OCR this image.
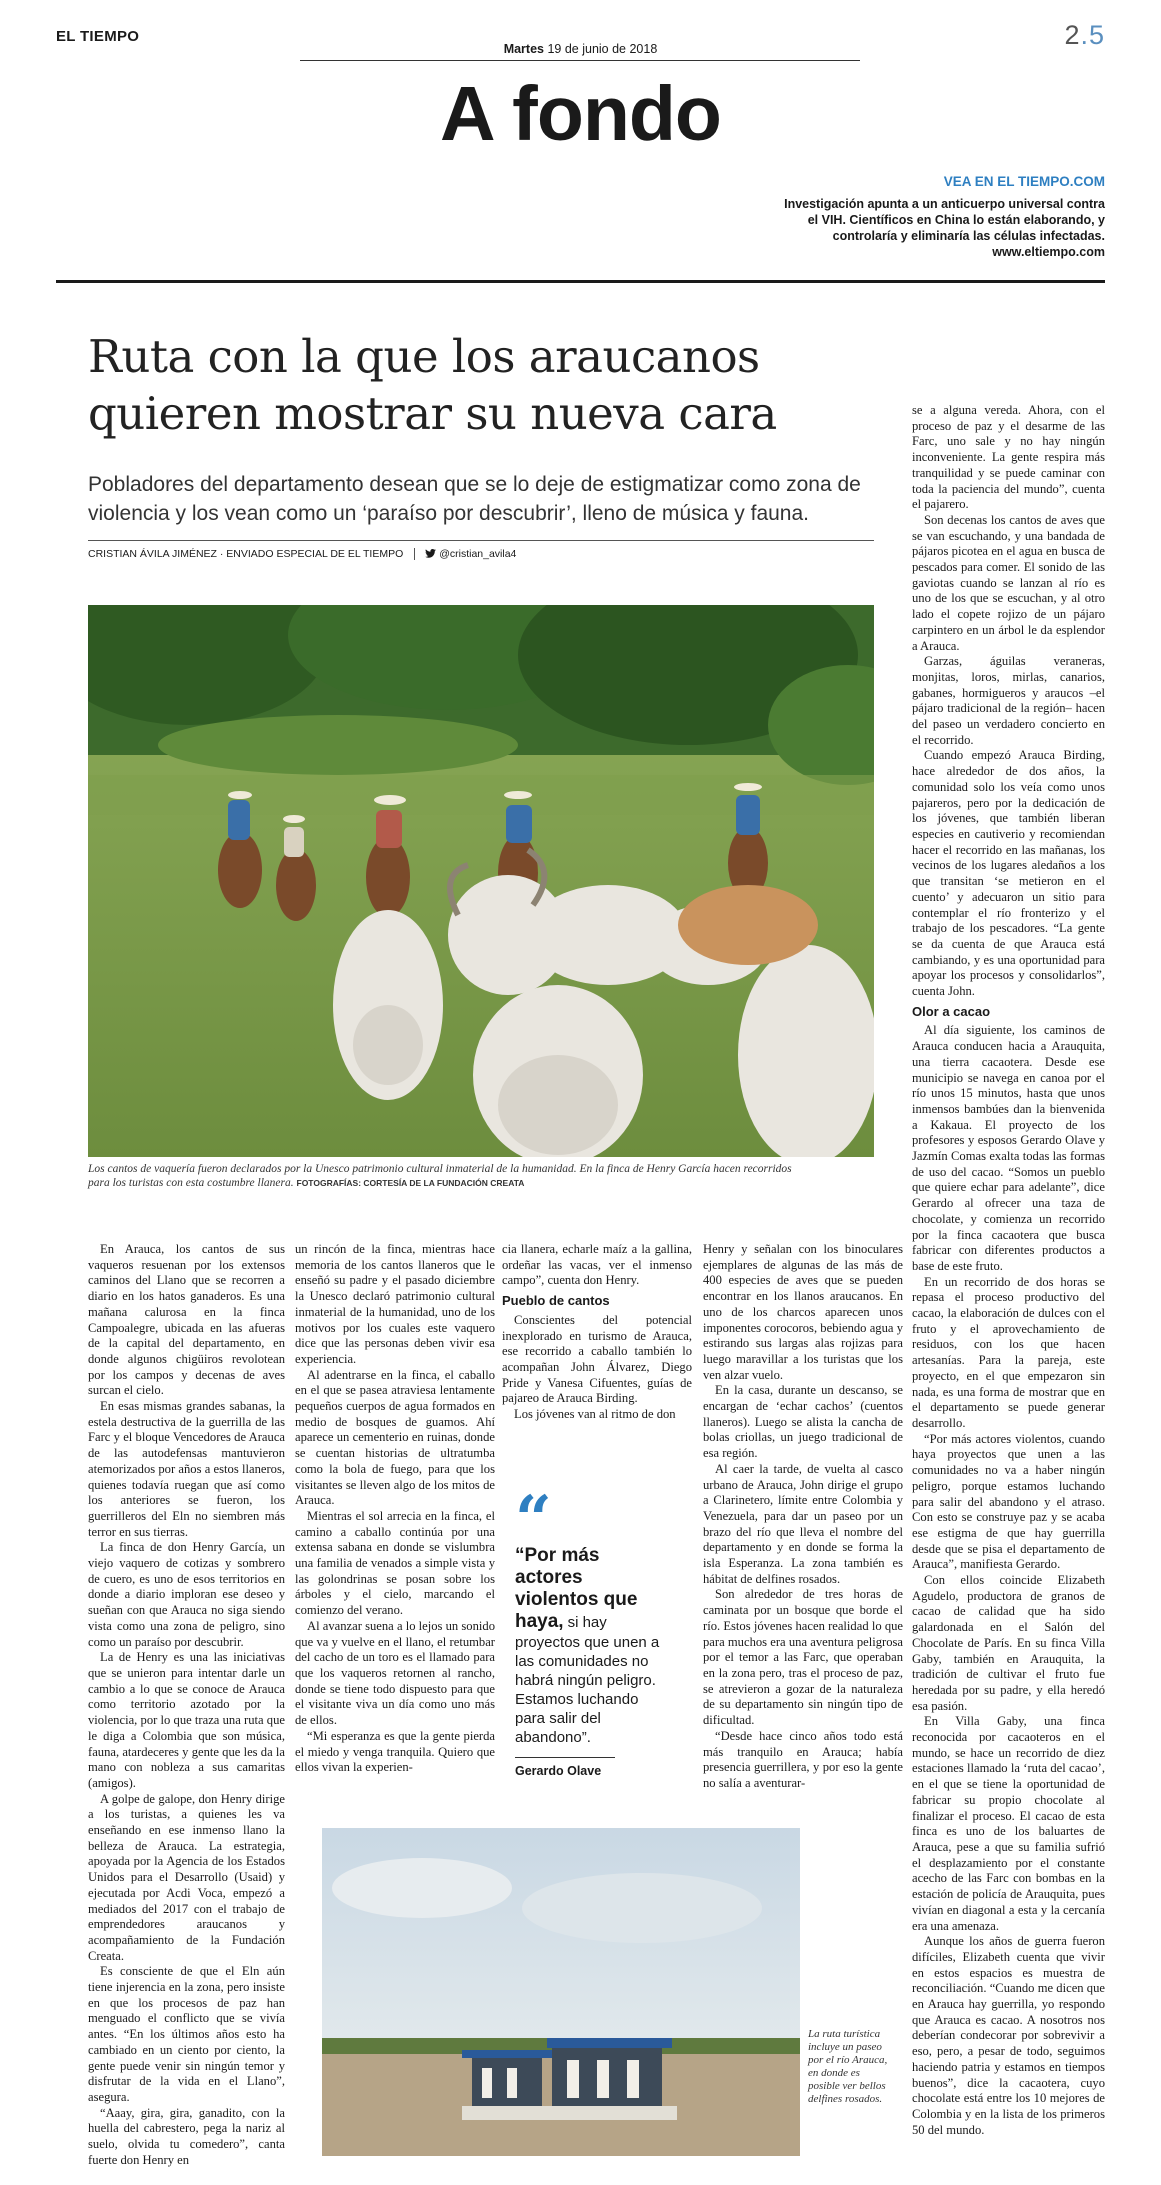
EL TIEMPO
Martes 19 de junio de 2018	2.5
A fondo
VEA EN EL TIEMPO.COM
Investigación apunta a un anticuerpo universal contra el VIH. Científicos en China lo están elaborando, y controlaría y eliminaría las células infectadas. www.eltiempo.com
Ruta con la que los araucanos quieren mostrar su nueva cara
Pobladores del departamento desean que se lo deje de estigmatizar como zona de violencia y los vean como un ‘paraíso por descubrir’, lleno de música y fauna.
CRISTIAN ÁVILA JIMÉNEZ · ENVIADO ESPECIAL DE EL TIEMPO	@cristian_avila4
Los cantos de vaquería fueron declarados por la Unesco patrimonio cultural inmaterial de la humanidad. En la finca de Henry García hacen recorridos para los turistas con esta costumbre llanera. FOTOGRAFÍAS: CORTESÍA DE LA FUNDACIÓN CREATA

En Arauca, los cantos de sus vaqueros resuenan por los extensos caminos del Llano que se recorren a diario en los hatos ganaderos. Es una mañana calurosa en la finca Campoalegre, ubicada en las afueras de la capital del departamento, en donde algunos chigüiros revolotean por los campos y decenas de aves surcan el cielo.

En esas mismas grandes sabanas, la estela destructiva de la guerrilla de las Farc y el bloque Vencedores de Arauca de las autodefensas mantuvieron atemorizados por años a estos llaneros, quienes todavía ruegan que así como los anteriores se fueron, los guerrilleros del Eln no siembren más terror en sus tierras.

La finca de don Henry García, un viejo vaquero de cotizas y sombrero de cuero, es uno de esos territorios en donde a diario imploran ese deseo y sueñan con que Arauca no siga siendo vista como una zona de peligro, sino como un paraíso por descubrir.

La de Henry es una las iniciativas que se unieron para intentar darle un cambio a lo que se conoce de Arauca como territorio azotado por la violencia, por lo que traza una ruta que le diga a Colombia que son música, fauna, atardeceres y gente que les da la mano con nobleza a sus camaritas (amigos).

A golpe de galope, don Henry dirige a los turistas, a quienes les va enseñando en ese inmenso llano la belleza de Arauca. La estrategia, apoyada por la Agencia de los Estados Unidos para el Desarrollo (Usaid) y ejecutada por Acdi Voca, empezó a mediados del 2017 con el trabajo de emprendedores araucanos y acompañamiento de la Fundación Creata.

Es consciente de que el Eln aún tiene injerencia en la zona, pero insiste en que los procesos de paz han menguado el conflicto que se vivía antes. “En los últimos años esto ha cambiado en un ciento por ciento, la gente puede venir sin ningún temor y disfrutar de la vida en el Llano”, asegura.

“Aaay, gira, gira, ganadito, con la huella del cabrestero, pega la nariz al suelo, olvida tu comedero”, canta fuerte don Henry en

un rincón de la finca, mientras hace memoria de los cantos llaneros que le enseñó su padre y el pasado diciembre la Unesco declaró patrimonio cultural inmaterial de la humanidad, uno de los motivos por los cuales este vaquero dice que las personas deben vivir esa experiencia.

Al adentrarse en la finca, el caballo en el que se pasea atraviesa lentamente pequeños cuerpos de agua formados en medio de bosques de guamos. Ahí aparece un cementerio en ruinas, donde se cuentan historias de ultratumba como la bola de fuego, para que los visitantes se lleven algo de los mitos de Arauca.

Mientras el sol arrecia en la finca, el camino a caballo continúa por una extensa sabana en donde se vislumbra una familia de venados a simple vista y las golondrinas se posan sobre los árboles y el cielo, marcando el comienzo del verano.

Al avanzar suena a lo lejos un sonido que va y vuelve en el llano, el retumbar del cacho de un toro es el llamado para que los vaqueros retornen al rancho, donde se tiene todo dispuesto para que el visitante viva un día como uno más de ellos.

“Mi esperanza es que la gente pierda el miedo y venga tranquila. Quiero que ellos vivan la experien-

cia llanera, echarle maíz a la gallina, ordeñar las vacas, ver el inmenso campo”, cuenta don Henry.

Pueblo de cantos

Conscientes del potencial inexplorado en turismo de Arauca, ese recorrido a caballo también lo acompañan John Álvarez, Diego Pride y Vanesa Cifuentes, guías de pajareo de Arauca Birding.

Los jóvenes van al ritmo de don

“
“Por más actores violentos que haya, si hay proyectos que unen a las comunidades no habrá ningún peligro. Estamos luchando para salir del abandono”.
Gerardo Olave

Henry y señalan con los binoculares ejemplares de algunas de las más de 400 especies de aves que se pueden encontrar en los llanos araucanos. En uno de los charcos aparecen unos imponentes corocoros, bebiendo agua y estirando sus largas alas rojizas para luego maravillar a los turistas que los ven alzar vuelo.

En la casa, durante un descanso, se encargan de ‘echar cachos’ (cuentos llaneros). Luego se alista la cancha de bolas criollas, un juego tradicional de esa región.

Al caer la tarde, de vuelta al casco urbano de Arauca, John dirige el grupo a Clarinetero, límite entre Colombia y Venezuela, para dar un paseo por un brazo del río que lleva el nombre del departamento y en donde se forma la isla Esperanza. La zona también es hábitat de delfines rosados.

Son alrededor de tres horas de caminata por un bosque que borde el río. Estos jóvenes hacen realidad lo que para muchos era una aventura peligrosa por el temor a las Farc, que operaban en la zona pero, tras el proceso de paz, se atrevieron a gozar de la naturaleza de su departamento sin ningún tipo de dificultad.

“Desde hace cinco años todo está más tranquilo en Arauca; había presencia guerrillera, y por eso la gente no salía a aventurar-

La ruta turística incluye un paseo por el río Arauca, en donde es posible ver bellos delfines rosados.

se a alguna vereda. Ahora, con el proceso de paz y el desarme de las Farc, uno sale y no hay ningún inconveniente. La gente respira más tranquilidad y se puede caminar con toda la paciencia del mundo”, cuenta el pajarero.

Son decenas los cantos de aves que se van escuchando, y una bandada de pájaros picotea en el agua en busca de pescados para comer. El sonido de las gaviotas cuando se lanzan al río es uno de los que se escuchan, y al otro lado el copete rojizo de un pájaro carpintero en un árbol le da esplendor a Arauca.

Garzas, águilas veraneras, monjitas, loros, mirlas, canarios, gabanes, hormigueros y araucos –el pájaro tradicional de la región– hacen del paseo un verdadero concierto en el recorrido.

Cuando empezó Arauca Birding, hace alrededor de dos años, la comunidad solo los veía como unos pajareros, pero por la dedicación de los jóvenes, que también liberan especies en cautiverio y recomiendan hacer el recorrido en las mañanas, los vecinos de los lugares aledaños a los que transitan ‘se metieron en el cuento’ y adecuaron un sitio para contemplar el río fronterizo y el trabajo de los pescadores. “La gente se da cuenta de que Arauca está cambiando, y es una oportunidad para apoyar los procesos y consolidarlos”, cuenta John.

Olor a cacao

Al día siguiente, los caminos de Arauca conducen hacia a Arauquita, una tierra cacaotera. Desde ese municipio se navega en canoa por el río unos 15 minutos, hasta que unos inmensos bambúes dan la bienvenida a Kakaua. El proyecto de los profesores y esposos Gerardo Olave y Jazmín Comas exalta todas las formas de uso del cacao. “Somos un pueblo que quiere echar para adelante”, dice Gerardo al ofrecer una taza de chocolate, y comienza un recorrido por la finca cacaotera que busca fabricar con diferentes productos a base de este fruto.

En un recorrido de dos horas se repasa el proceso productivo del cacao, la elaboración de dulces con el fruto y el aprovechamiento de residuos, con los que hacen artesanías. Para la pareja, este proyecto, en el que empezaron sin nada, es una forma de mostrar que en el departamento se puede generar desarrollo.

“Por más actores violentos, cuando haya proyectos que unen a las comunidades no va a haber ningún peligro, porque estamos luchando para salir del abandono y el atraso. Con esto se construye paz y se acaba ese estigma de que hay guerrilla desde que se pisa el departamento de Arauca”, manifiesta Gerardo.

Con ellos coincide Elizabeth Agudelo, productora de granos de cacao de calidad que ha sido galardonada en el Salón del Chocolate de París. En su finca Villa Gaby, también en Arauquita, la tradición de cultivar el fruto fue heredada por su padre, y ella heredó esa pasión.

En Villa Gaby, una finca reconocida por cacaoteros en el mundo, se hace un recorrido de diez estaciones llamado la ‘ruta del cacao’, en el que se tiene la oportunidad de fabricar su propio chocolate al finalizar el proceso. El cacao de esta finca es uno de los baluartes de Arauca, pese a que su familia sufrió el desplazamiento por el constante acecho de las Farc con bombas en la estación de policía de Arauquita, pues vivían en diagonal a esta y la cercanía era una amenaza.

Aunque los años de guerra fueron difíciles, Elizabeth cuenta que vivir en estos espacios es muestra de reconciliación. “Cuando me dicen que en Arauca hay guerrilla, yo respondo que Arauca es cacao. A nosotros nos deberían condecorar por sobrevivir a eso, pero, a pesar de todo, seguimos haciendo patria y estamos en tiempos buenos”, dice la cacaotera, cuyo chocolate está entre los 10 mejores de Colombia y en la lista de los primeros 50 del mundo.
